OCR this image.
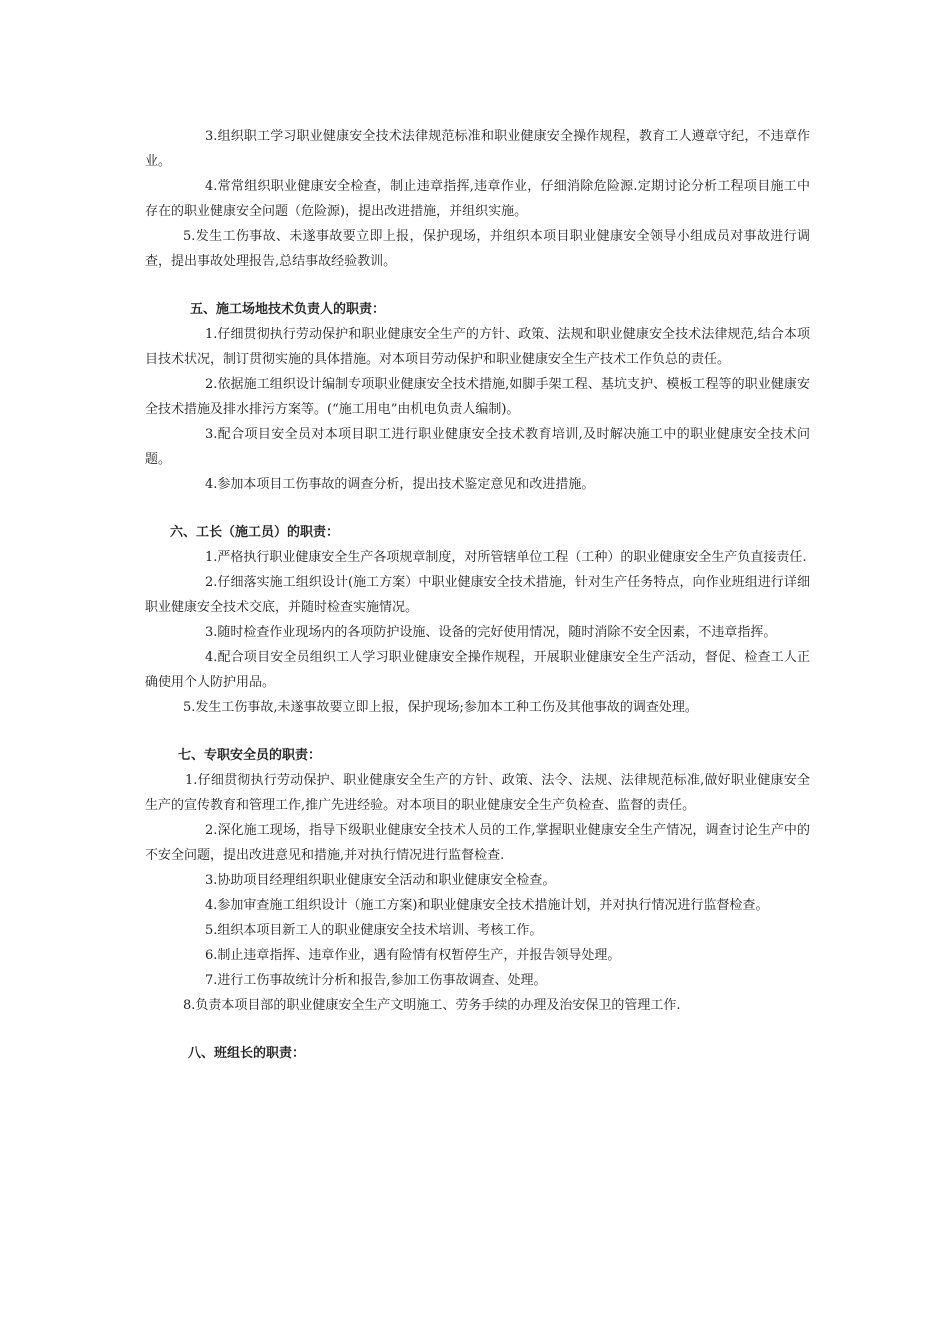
3.组织职工学习职业健康安全技术法律规范标准和职业健康安全操作规程，教育工人遵章守纪，不违章作业。

4.常常组织职业健康安全检查，制止违章指挥,违章作业，仔细消除危险源.定期讨论分析工程项目施工中存在的职业健康安全问题（危险源)，提出改进措施，并组织实施。

5.发生工伤事故、未遂事故要立即上报，保护现场，并组织本项目职业健康安全领导小组成员对事故进行调查，提出事故处理报告,总结事故经验教训。

五、施工场地技术负责人的职责：

1.仔细贯彻执行劳动保护和职业健康安全生产的方针、政策、法规和职业健康安全技术法律规范,结合本项目技术状况，制订贯彻实施的具体措施。对本项目劳动保护和职业健康安全生产技术工作负总的责任。

2.依据施工组织设计编制专项职业健康安全技术措施,如脚手架工程、基坑支护、模板工程等的职业健康安全技术措施及排水排污方案等。(“施工用电”由机电负责人编制)。

3.配合项目安全员对本项目职工进行职业健康安全技术教育培训,及时解决施工中的职业健康安全技术问题。

4.参加本项目工伤事故的调查分析，提出技术鉴定意见和改进措施。

六、工长（施工员）的职责：

1.严格执行职业健康安全生产各项规章制度，对所管辖单位工程（工种）的职业健康安全生产负直接责任.

2.仔细落实施工组织设计(施工方案）中职业健康安全技术措施，针对生产任务特点，向作业班组进行详细职业健康安全技术交底，并随时检查实施情况。

3.随时检查作业现场内的各项防护设施、设备的完好使用情况，随时消除不安全因素，不违章指挥。

4.配合项目安全员组织工人学习职业健康安全操作规程，开展职业健康安全生产活动，督促、检查工人正确使用个人防护用品。

5.发生工伤事故,未遂事故要立即上报，保护现场;参加本工种工伤及其他事故的调查处理。

七、专职安全员的职责：

1.仔细贯彻执行劳动保护、职业健康安全生产的方针、政策、法令、法规、法律规范标准,做好职业健康安全生产的宣传教育和管理工作,推广先进经验。对本项目的职业健康安全生产负检查、监督的责任。

2.深化施工现场，指导下级职业健康安全技术人员的工作,掌握职业健康安全生产情况，调查讨论生产中的不安全问题，提出改进意见和措施,并对执行情况进行监督检查.

3.协助项目经理组织职业健康安全活动和职业健康安全检查。

4.参加审查施工组织设计（施工方案)和职业健康安全技术措施计划，并对执行情况进行监督检查。

5.组织本项目新工人的职业健康安全技术培训、考核工作。

6.制止违章指挥、违章作业，遇有险情有权暂停生产，并报告领导处理。

7.进行工伤事故统计分析和报告,参加工伤事故调查、处理。

8.负责本项目部的职业健康安全生产文明施工、劳务手续的办理及治安保卫的管理工作.

八、班组长的职责：
